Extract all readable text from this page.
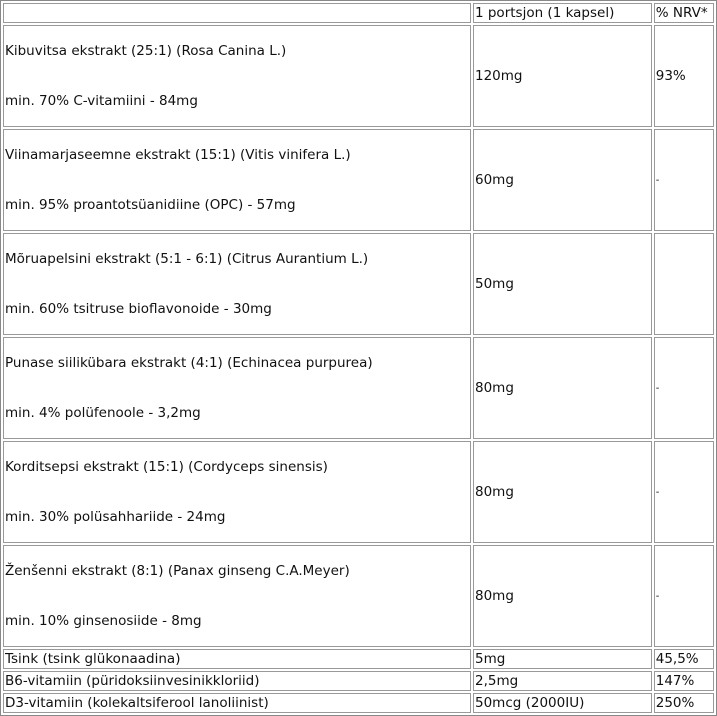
	1 portsjon (1 kapsel)	% NRV*

Kibuvitsa ekstrakt (25:1) (Rosa Canina L.)
min. 70% C-vitamiini - 84mg	120mg	93%

Viinamarjaseemne ekstrakt (15:1) (Vitis vinifera L.)
min. 95% proantotsüanidiine (OPC) - 57mg	60mg	-

Mõruapelsini ekstrakt (5:1 - 6:1) (Citrus Aurantium L.)
min. 60% tsitruse bioflavonoide - 30mg	50mg	

Punase siilikübara ekstrakt (4:1) (Echinacea purpurea)
min. 4% polüfenoole - 3,2mg	80mg	-

Korditsepsi ekstrakt (15:1) (Cordyceps sinensis)
min. 30% polüsahhariide - 24mg	80mg	-

Ženšenni ekstrakt (8:1) (Panax ginseng C.A.Meyer)
min. 10% ginsenosiide - 8mg	80mg	-
Tsink (tsink glükonaadina)	5mg	45,5%
B6-vitamiin (püridoksiinvesinikkloriid)	2,5mg	147%
D3-vitamiin (kolekaltsiferool lanoliinist)	50mcg (2000IU)	250%
